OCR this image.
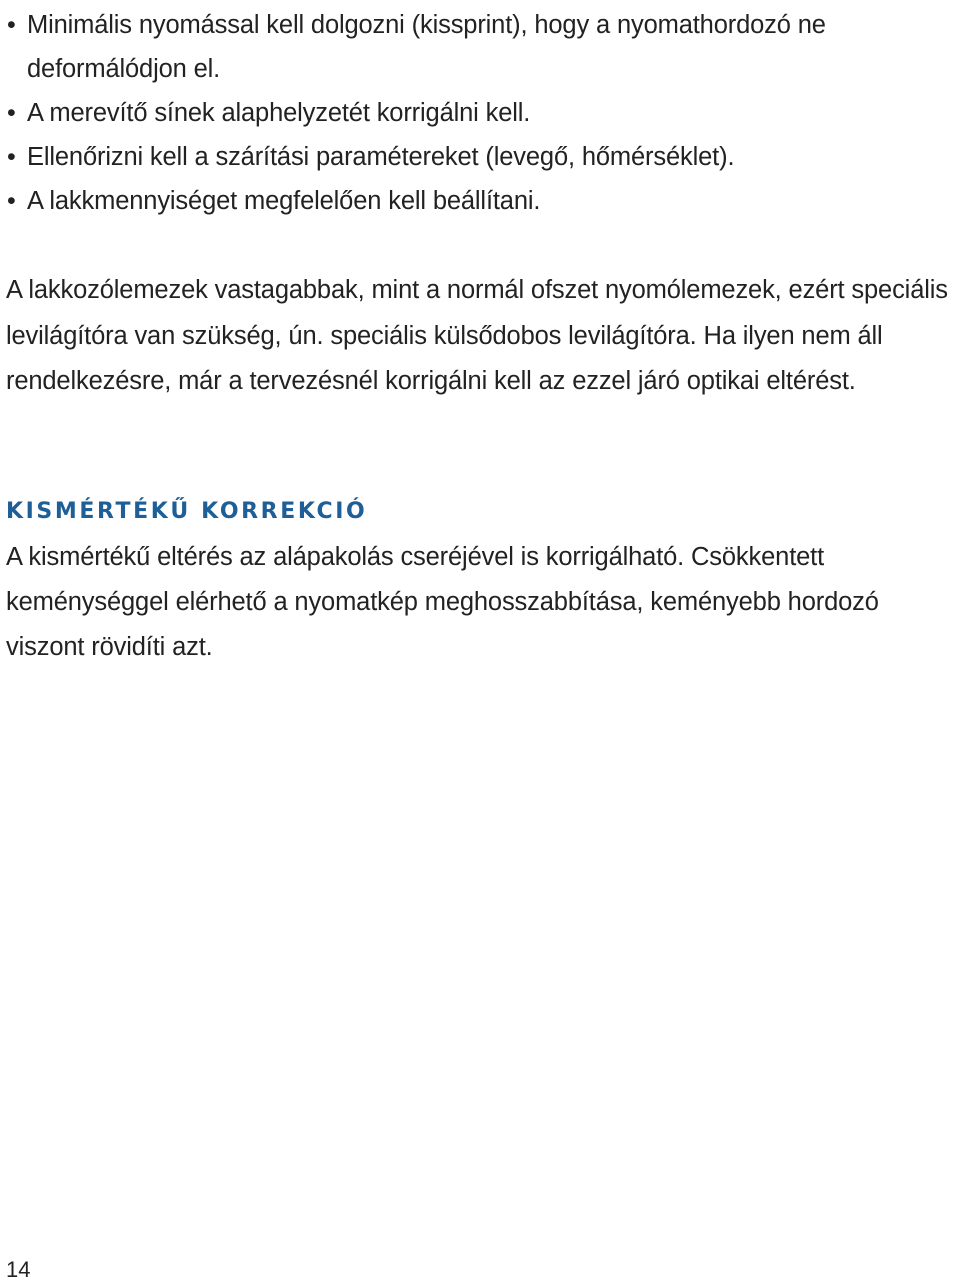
• Minimális nyomással kell dolgozni (kissprint), hogy a nyomathordozó ne deformálódjon el.
• A merevítő sínek alaphelyzetét korrigálni kell.
• Ellenőrizni kell a szárítási paramétereket (levegő, hőmérséklet).
• A lakkmennyiséget megfelelően kell beállítani.

A lakkozólemezek vastagabbak, mint a normál ofszet nyomólemezek, ezért speciális levilágítóra van szükség, ún. speciális külsődobos levilágítóra. Ha ilyen nem áll rendelkezésre, már a tervezésnél korrigálni kell az ezzel járó optikai eltérést.

KISMÉRTÉKŰ KORREKCIÓ

A kismértékű eltérés az alápakolás cseréjével is korrigálható. Csökkentett keménységgel elérhető a nyomatkép meghosszabbítása, keményebb hordozó viszont rövidíti azt.

14
